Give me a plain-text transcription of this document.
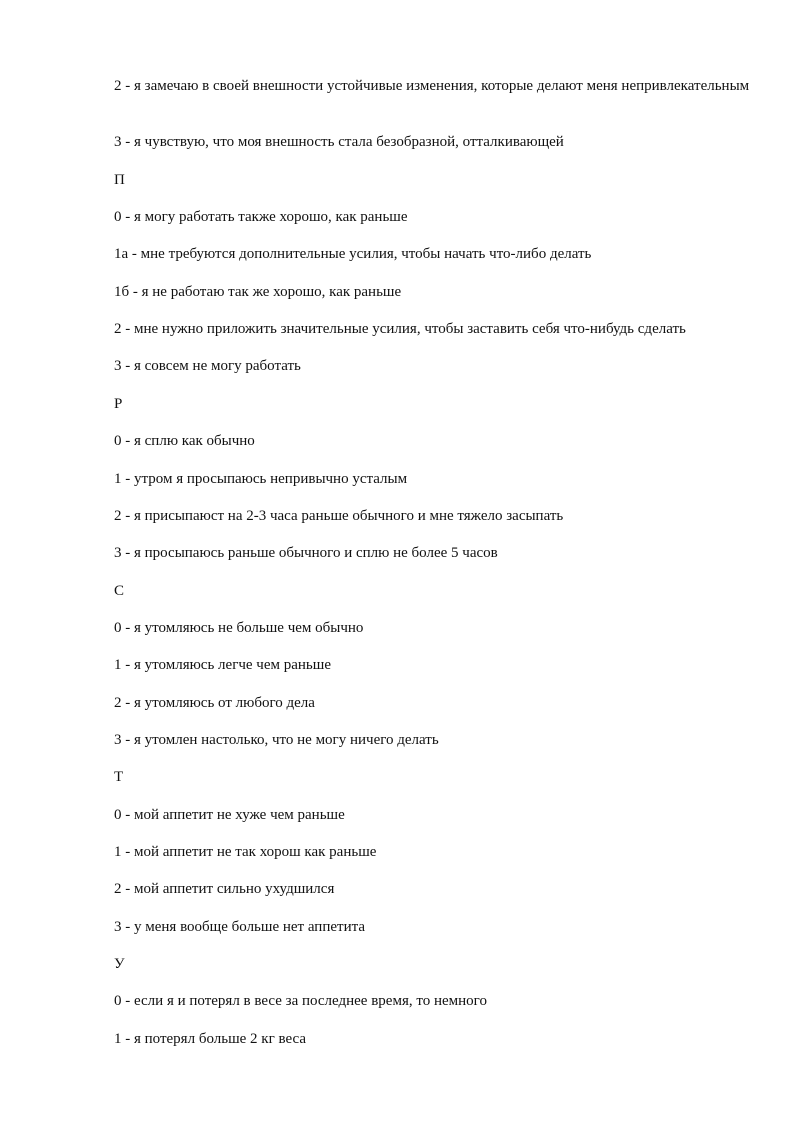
2 - я замечаю в своей внешности устойчивые изменения, которые делают меня непривлекательным
3 - я чувствую, что моя внешность стала безобразной, отталкивающей
П
0 - я могу работать также хорошо, как раньше
1а - мне требуются дополнительные усилия, чтобы начать что-либо делать
1б - я не работаю так же хорошо, как раньше
2 - мне нужно приложить значительные усилия, чтобы заставить себя что-нибудь сделать
3 - я совсем не могу работать
Р
0 - я сплю как обычно
1 - утром я просыпаюсь непривычно усталым
2 - я присыпаюст на 2-3 часа раньше обычного и мне тяжело засыпать
3 - я просыпаюсь раньше обычного и сплю не более 5 часов
С
0 - я утомляюсь не больше чем обычно
1 - я утомляюсь легче чем раньше
2 - я утомляюсь от любого дела
3 - я утомлен настолько, что не могу ничего делать
Т
0 - мой аппетит не хуже чем раньше
1 - мой аппетит не так хорош как раньше
2 - мой аппетит сильно ухудшился
3 - у меня вообще больше нет аппетита
У
0 - если я и потерял в весе за последнее время, то немного
1 - я потерял больше 2 кг веса
